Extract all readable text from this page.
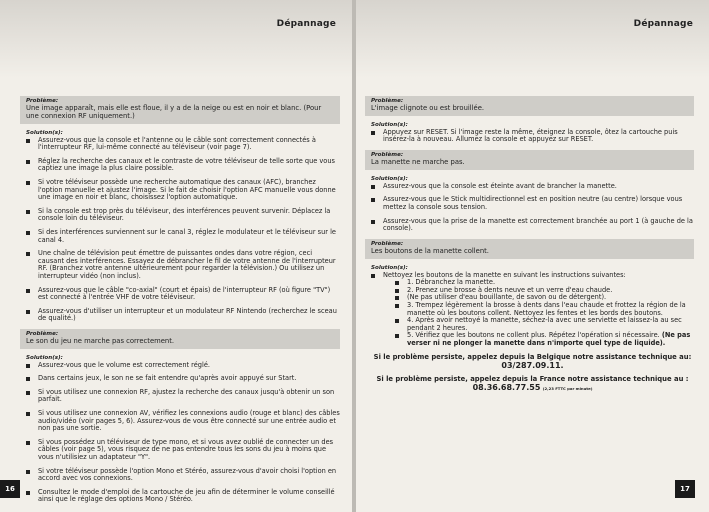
Dépannage
Problème:
Une image apparaît, mais elle est floue, il y a de la neige ou est en noir et blanc. (Pour une connexion RF uniquement.)
Solution(s):
Assurez-vous que la console et l'antenne ou le câble sont correctement connectés à l'interrupteur RF, lui-même connecté au téléviseur (voir page 7).
Réglez la recherche des canaux et le contraste de votre téléviseur de telle sorte que vous captiez une image la plus claire possible.
Si votre téléviseur possède une recherche automatique des canaux (AFC), branchez l'option manuelle et ajustez l'image. Si le fait de choisir l'option AFC manuelle vous donne une image en noir et blanc, choisissez l'option automatique.
Si la console est trop près du téléviseur, des interférences peuvent survenir. Déplacez la console loin du téléviseur.
Si des interférences surviennent sur le canal 3, réglez le modulateur et le téléviseur sur le canal 4.
Une chaîne de télévision peut émettre de puissantes ondes dans votre région, ceci causant des interférences. Essayez de débrancher le fil de votre antenne de l'interrupteur RF. (Branchez votre antenne ultérieurement pour regarder la télévision.) Ou utilisez un interrupteur vidéo (non inclus).
Assurez-vous que le câble "co-axial" (court et épais) de l'interrupteur RF (où figure "TV") est connecté à l'entrée VHF de votre téléviseur.
Assurez-vous d'utiliser un interrupteur et un modulateur RF Nintendo (recherchez le sceau de qualité.)
Problème:
Le son du jeu ne marche pas correctement.
Solution(s):
Assurez-vous que le volume est correctement réglé.
Dans certains jeux, le son ne se fait entendre qu'après avoir appuyé sur Start.
Si vous utilisez une connexion RF, ajustez la recherche des canaux jusqu'à obtenir un son parfait.
Si vous utilisez une connexion AV, vérifiez les connexions audio (rouge et blanc) des câbles audio/vidéo (voir pages 5, 6). Assurez-vous de vous être connecté sur une entrée audio et non pas une sortie.
Si vous possédez un téléviseur de type mono, et si vous avez oublié de connecter un des câbles (voir page 5), vous risquez de ne pas entendre tous les sons du jeu à moins que vous n'utilisiez un adaptateur "Y".
Si votre téléviseur possède l'option Mono et Stéréo, assurez-vous d'avoir choisi l'option en accord avec vos connexions.
Consultez le mode d'emploi de la cartouche de jeu afin de déterminer le volume conseillé ainsi que le réglage des options Mono / Stéréo.
16
Dépannage
Problème:
L'image clignote ou est brouillée.
Solution(s):
Appuyez sur RESET. Si l'image reste la même, éteignez la console, ôtez la cartouche puis insérez-la à nouveau. Allumez la console et appuyez sur RESET.
Problème:
La manette ne marche pas.
Solution(s):
Assurez-vous que la console est éteinte avant de brancher la manette.
Assurez-vous que le Stick multidirectionnel est en position neutre (au centre) lorsque vous mettez la console sous tension.
Assurez-vous que la prise de la manette est correctement branchée au port 1 (à gauche de la console).
Problème:
Les boutons de la manette collent.
Solution(s):
Nettoyez les boutons de la manette en suivant les instructions suivantes:
1. Débranchez la manette.
2. Prenez une brosse à dents neuve et un verre d'eau chaude.
(Ne pas utiliser d'eau bouillante, de savon ou de détergent).
3. Trempez légèrement la brosse à dents dans l'eau chaude et frottez la région de la manette où les boutons collent. Nettoyez les fentes et les bords des boutons.
4. Après avoir nettoyé la manette, séchez-la avec une serviette et laissez-la au sec pendant 2 heures.
5. Vérifiez que les boutons ne collent plus. Répétez l'opération si nécessaire. (Ne pas verser ni ne plonger la manette dans n'importe quel type de liquide).
Si le problème persiste, appelez depuis la Belgique notre assistance technique au:
03/287.09.11.
Si le problème persiste, appelez depuis la France notre assistance technique au :
08.36.68.77.55 (2,23 FTTC par minute)
17
